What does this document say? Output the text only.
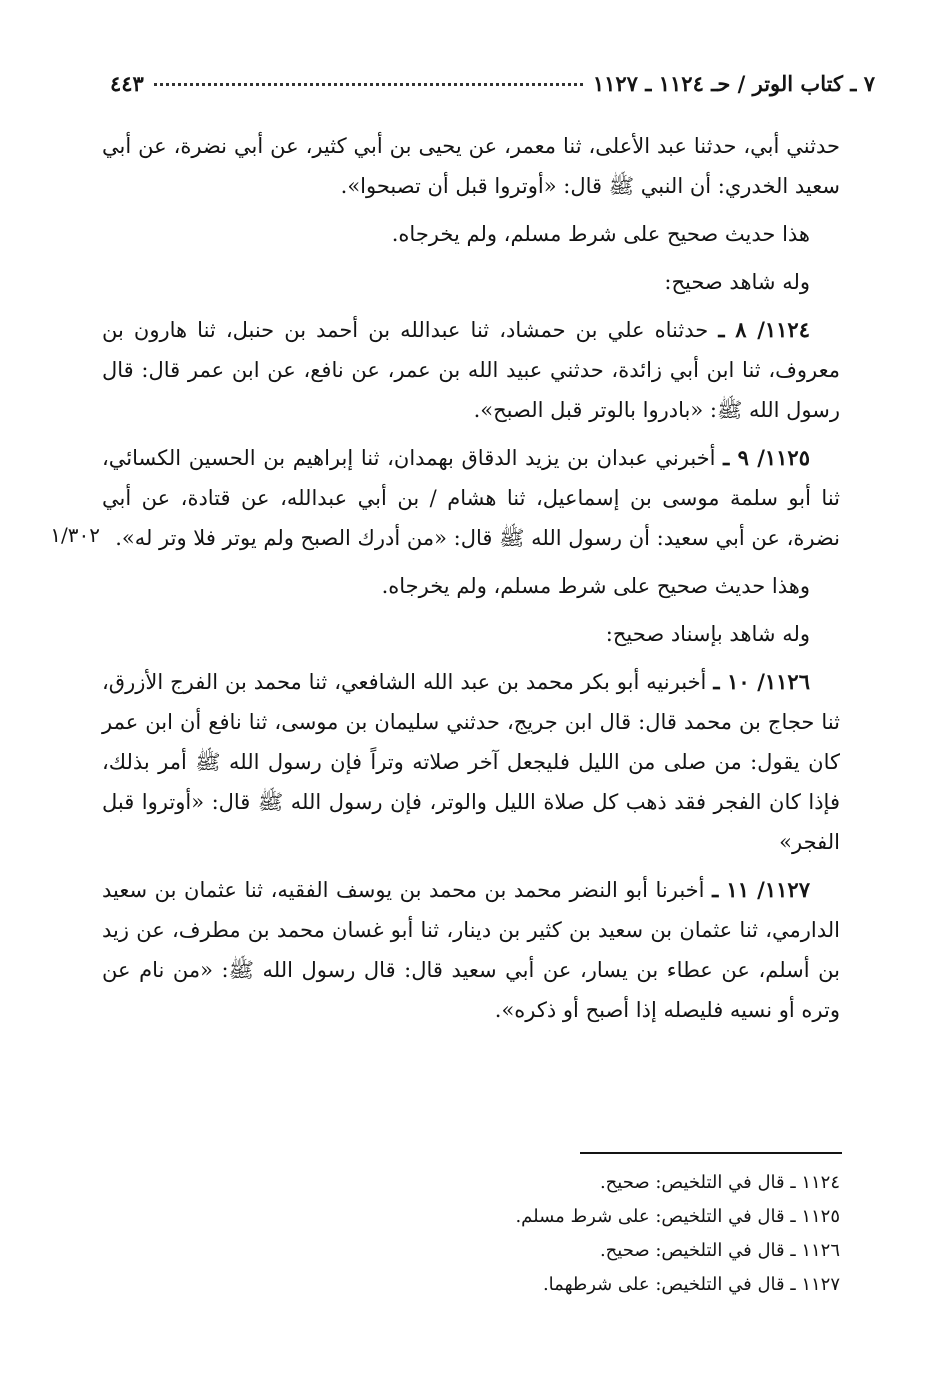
٧ ـ كتاب الوتر / حـ ١١٢٤ ـ ١١٢٧
٤٤٣

حدثني أبي، حدثنا عبد الأعلى، ثنا معمر، عن يحيى بن أبي كثير، عن أبي نضرة، عن أبي سعيد الخدري: أن النبي ﷺ قال: «أوتروا قبل أن تصبحوا».

هذا حديث صحيح على شرط مسلم، ولم يخرجاه.

وله شاهد صحيح:

١١٢٤/ ٨ ـ حدثناه علي بن حمشاد، ثنا عبدالله بن أحمد بن حنبل، ثنا هارون بن معروف، ثنا ابن أبي زائدة، حدثني عبيد الله بن عمر، عن نافع، عن ابن عمر قال: قال رسول الله ﷺ: «بادروا بالوتر قبل الصبح».

١١٢٥/ ٩ ـ أخبرني عبدان بن يزيد الدقاق بهمدان، ثنا إبراهيم بن الحسين الكسائي، ثنا أبو سلمة موسى بن إسماعيل، ثنا هشام / بن أبي عبدالله، عن قتادة، عن أبي نضرة، عن أبي سعيد: أن رسول الله ﷺ قال: «من أدرك الصبح ولم يوتر فلا وتر له».

وهذا حديث صحيح على شرط مسلم، ولم يخرجاه.

وله شاهد بإسناد صحيح:

١١٢٦/ ١٠ ـ أخبرنيه أبو بكر محمد بن عبد الله الشافعي، ثنا محمد بن الفرج الأزرق، ثنا حجاج بن محمد قال: قال ابن جريج، حدثني سليمان بن موسى، ثنا نافع أن ابن عمر كان يقول: من صلى من الليل فليجعل آخر صلاته وتراً فإن رسول الله ﷺ أمر بذلك، فإذا كان الفجر فقد ذهب كل صلاة الليل والوتر، فإن رسول الله ﷺ قال: «أوتروا قبل الفجر»

١١٢٧/ ١١ ـ أخبرنا أبو النضر محمد بن محمد بن يوسف الفقيه، ثنا عثمان بن سعيد الدارمي، ثنا عثمان بن سعيد بن كثير بن دينار، ثنا أبو غسان محمد بن مطرف، عن زيد بن أسلم، عن عطاء بن يسار، عن أبي سعيد قال: قال رسول الله ﷺ: «من نام عن وتره أو نسيه فليصله إذا أصبح أو ذكره».

١/٣٠٢

١١٢٤ ـ قال في التلخيص: صحيح.

١١٢٥ ـ قال في التلخيص: على شرط مسلم.

١١٢٦ ـ قال في التلخيص: صحيح.

١١٢٧ ـ قال في التلخيص: على شرطهما.
